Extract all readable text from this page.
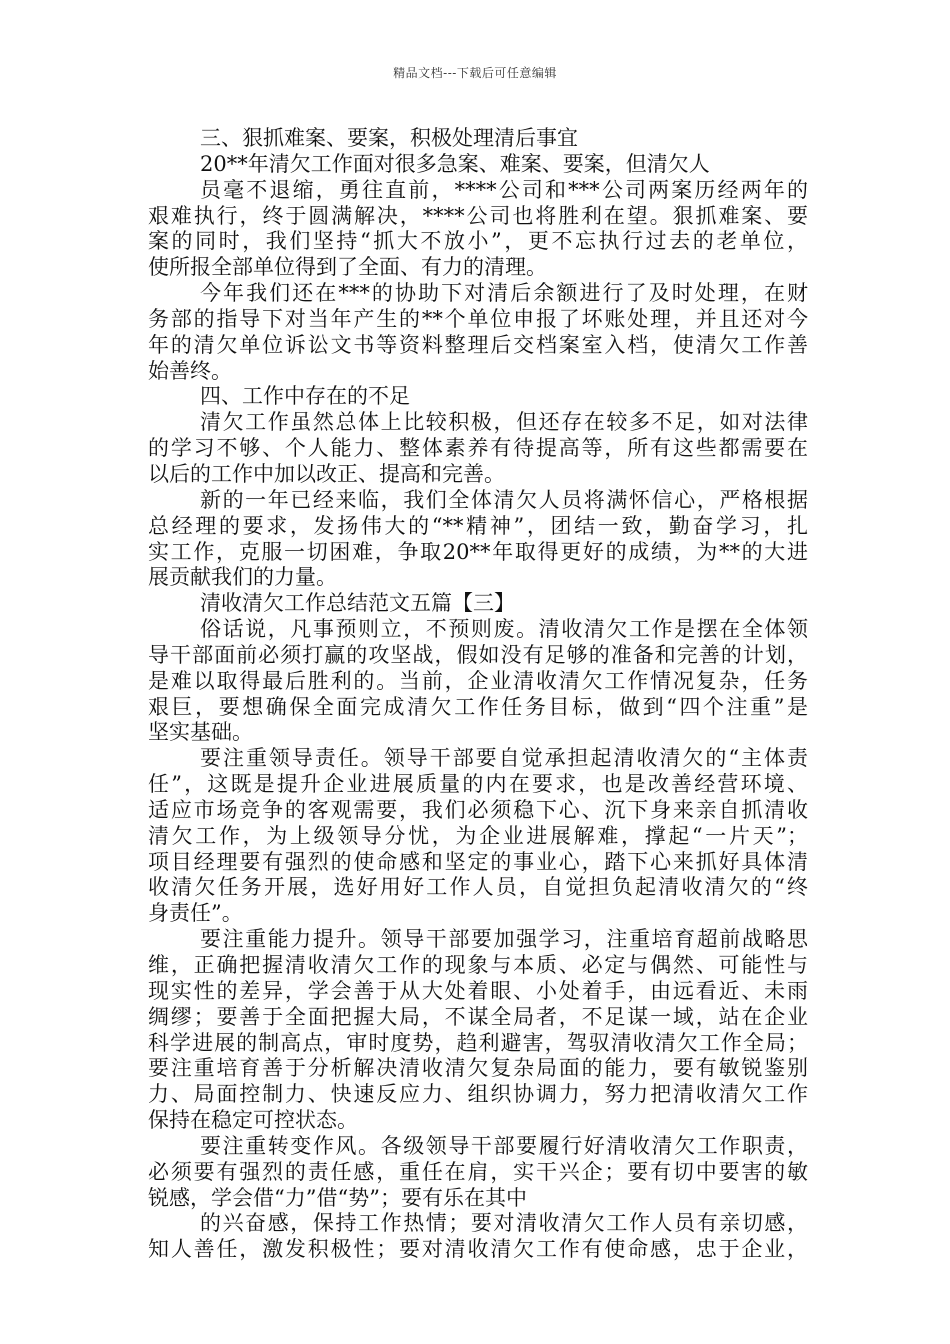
精品文档---下载后可任意编辑
三、狠抓难案、要案，积极处理清后事宜
20**年清欠工作面对很多急案、难案、要案，但清欠人
员毫不退缩，勇往直前，****公司和***公司两案历经两年的
艰难执行，终于圆满解决，****公司也将胜利在望。狠抓难案、要
案的同时，我们坚持“抓大不放小”，更不忘执行过去的老单位，
使所报全部单位得到了全面、有力的清理。
今年我们还在***的协助下对清后余额进行了及时处理，在财
务部的指导下对当年产生的**个单位申报了坏账处理，并且还对今
年的清欠单位诉讼文书等资料整理后交档案室入档，使清欠工作善
始善终。
四、工作中存在的不足
清欠工作虽然总体上比较积极，但还存在较多不足，如对法律
的学习不够、个人能力、整体素养有待提高等，所有这些都需要在
以后的工作中加以改正、提高和完善。
新的一年已经来临，我们全体清欠人员将满怀信心，严格根据
总经理的要求，发扬伟大的“**精神”，团结一致，勤奋学习，扎
实工作，克服一切困难，争取20**年取得更好的成绩，为**的大进
展贡献我们的力量。
清收清欠工作总结范文五篇【三】
俗话说，凡事预则立，不预则废。清收清欠工作是摆在全体领
导干部面前必须打赢的攻坚战，假如没有足够的准备和完善的计划，
是难以取得最后胜利的。当前，企业清收清欠工作情况复杂，任务
艰巨，要想确保全面完成清欠工作任务目标，做到“四个注重”是
坚实基础。
要注重领导责任。领导干部要自觉承担起清收清欠的“主体责
任”，这既是提升企业进展质量的内在要求，也是改善经营环境、
适应市场竞争的客观需要，我们必须稳下心、沉下身来亲自抓清收
清欠工作，为上级领导分忧，为企业进展解难，撑起“一片天”；
项目经理要有强烈的使命感和坚定的事业心，踏下心来抓好具体清
收清欠任务开展，选好用好工作人员，自觉担负起清收清欠的“终
身责任”。
要注重能力提升。领导干部要加强学习，注重培育超前战略思
维，正确把握清收清欠工作的现象与本质、必定与偶然、可能性与
现实性的差异，学会善于从大处着眼、小处着手，由远看近、未雨
绸缪；要善于全面把握大局，不谋全局者，不足谋一域，站在企业
科学进展的制高点，审时度势，趋利避害，驾驭清收清欠工作全局；
要注重培育善于分析解决清收清欠复杂局面的能力，要有敏锐鉴别
力、局面控制力、快速反应力、组织协调力，努力把清收清欠工作
保持在稳定可控状态。
要注重转变作风。各级领导干部要履行好清收清欠工作职责，
必须要有强烈的责任感，重任在肩，实干兴企；要有切中要害的敏
锐感，学会借“力”借“势”；要有乐在其中
的兴奋感，保持工作热情；要对清收清欠工作人员有亲切感，
知人善任，激发积极性；要对清收清欠工作有使命感，忠于企业，
